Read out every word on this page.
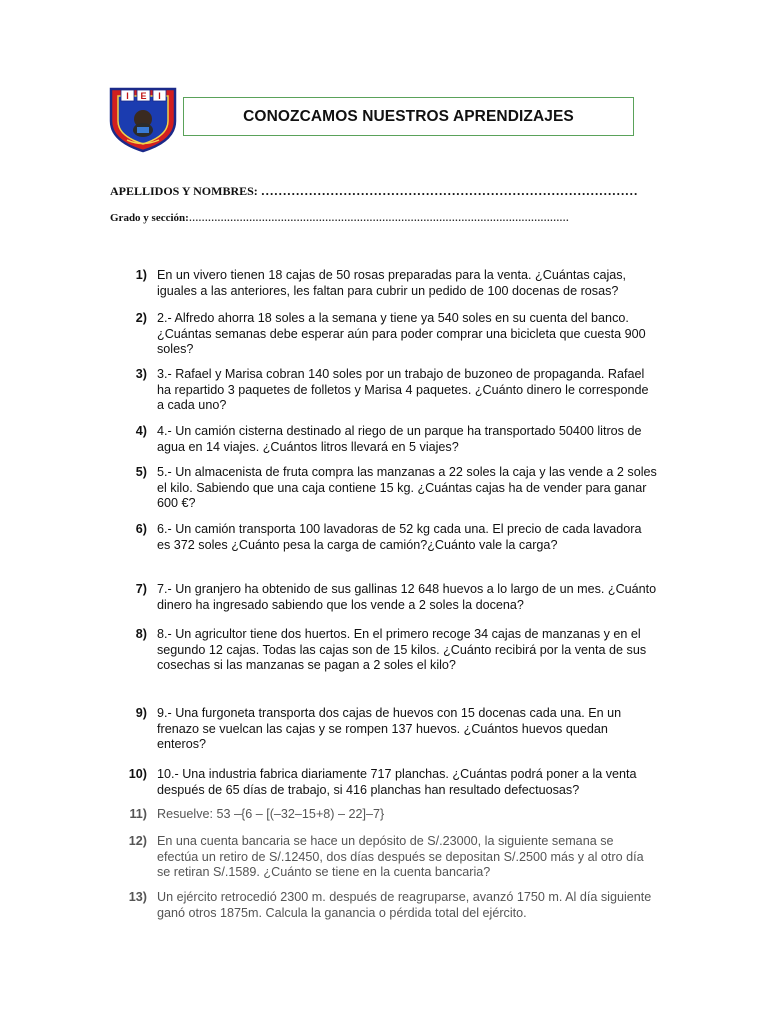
I E I
CONOZCAMOS NUESTROS APRENDIZAJES
APELLIDOS Y NOMBRES: ……………………………………………………………………………
Grado y sección:…………………………………………………………………………………………………………
1) En un vivero tienen 18 cajas de 50 rosas preparadas para la venta. ¿Cuántas cajas, iguales a las anteriores, les faltan para cubrir un pedido de 100 docenas de rosas?
2) 2.- Alfredo ahorra 18 soles a la semana y tiene ya 540 soles en su cuenta del banco. ¿Cuántas semanas debe esperar aún para poder comprar una bicicleta que cuesta 900 soles?
3) 3.- Rafael y Marisa cobran 140 soles por un trabajo de buzoneo de propaganda. Rafael ha repartido 3 paquetes de folletos y Marisa 4 paquetes. ¿Cuánto dinero le corresponde a cada uno?
4) 4.- Un camión cisterna destinado al riego de un parque ha transportado 50400 litros de agua en 14 viajes. ¿Cuántos litros llevará en 5 viajes?
5) 5.- Un almacenista de fruta compra las manzanas a 22 soles la caja y las vende a 2 soles el kilo. Sabiendo que una caja contiene 15 kg. ¿Cuántas cajas ha de vender para ganar 600 €?
6) 6.- Un camión transporta 100 lavadoras de 52 kg cada una. El precio de cada lavadora es 372 soles ¿Cuánto pesa la carga de camión?¿Cuánto vale la carga?
7) 7.- Un granjero ha obtenido de sus gallinas 12 648 huevos a lo largo de un mes. ¿Cuánto dinero ha ingresado sabiendo que los vende a 2 soles la docena?
8) 8.- Un agricultor tiene dos huertos. En el primero recoge 34 cajas de manzanas y en el segundo 12 cajas. Todas las cajas son de 15 kilos. ¿Cuánto recibirá por la venta de sus cosechas si las manzanas se pagan a 2 soles el kilo?
9) 9.- Una furgoneta transporta dos cajas de huevos con 15 docenas cada una. En un frenazo se vuelcan las cajas y se rompen 137 huevos. ¿Cuántos huevos quedan enteros?
10) 10.- Una industria fabrica diariamente 717 planchas. ¿Cuántas podrá poner a la venta después de 65 días de trabajo, si 416 planchas han resultado defectuosas?
11) Resuelve: 53 –{6 – [(–32–15+8) – 22]–7}
12) En una cuenta bancaria se hace un depósito de S/.23000, la siguiente semana se efectúa un retiro de S/.12450, dos días después se depositan S/.2500 más y al otro día se retiran S/.1589. ¿Cuánto se tiene en la cuenta bancaria?
13) Un ejército retrocedió 2300 m. después de reagruparse, avanzó 1750 m. Al día siguiente ganó otros 1875m. Calcula la ganancia o pérdida total del ejército.
